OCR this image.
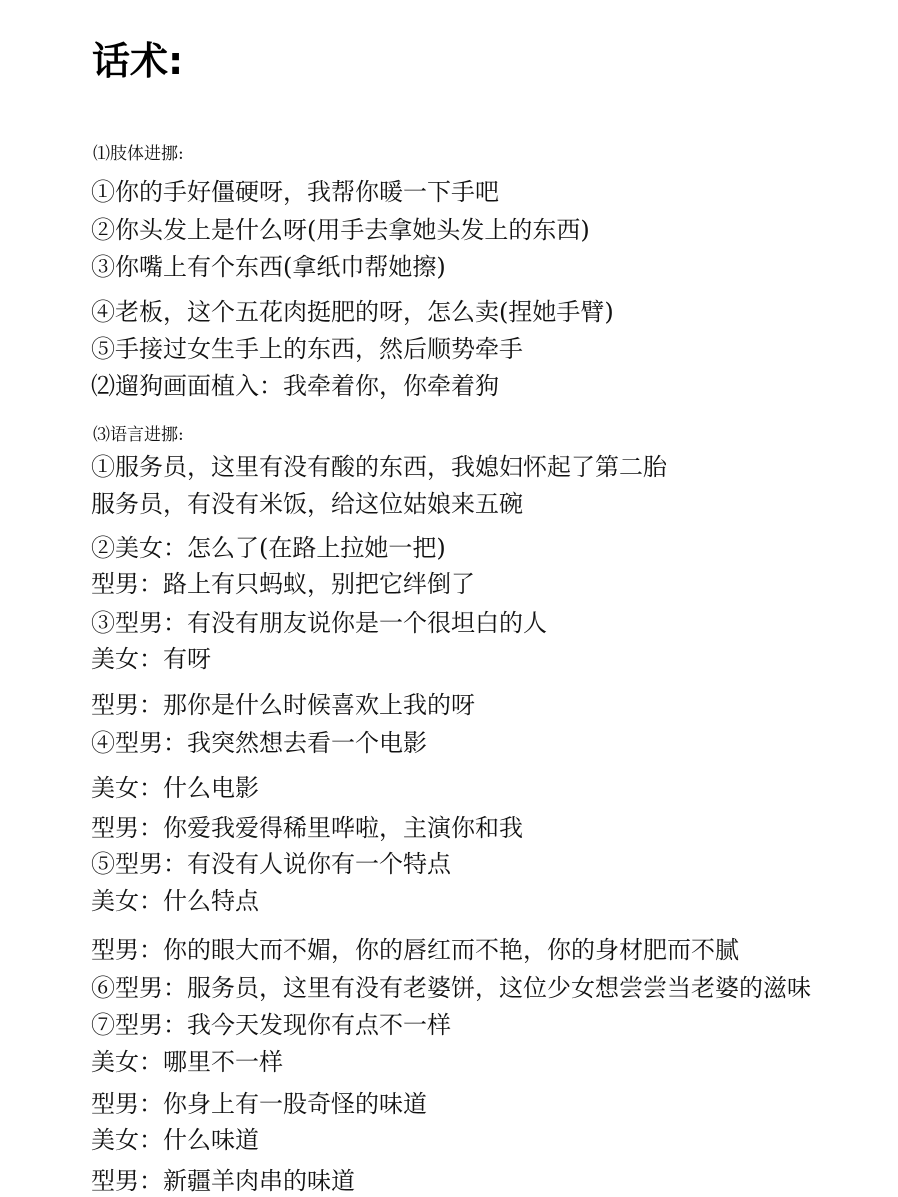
话术:
⑴肢体进挪:
①你的手好僵硬呀，我帮你暖一下手吧
②你头发上是什么呀(用手去拿她头发上的东西)
③你嘴上有个东西(拿纸巾帮她擦)
④老板，这个五花肉挺肥的呀，怎么卖(捏她手臂)
⑤手接过女生手上的东西，然后顺势牵手
⑵遛狗画面植入：我牵着你，你牵着狗
⑶语言进挪:
①服务员，这里有没有酸的东西，我媳妇怀起了第二胎
服务员，有没有米饭，给这位姑娘来五碗
②美女：怎么了(在路上拉她一把)
型男：路上有只蚂蚁，别把它绊倒了
③型男：有没有朋友说你是一个很坦白的人
美女：有呀
型男：那你是什么时候喜欢上我的呀
④型男：我突然想去看一个电影
美女：什么电影
型男：你爱我爱得稀里哗啦，主演你和我
⑤型男：有没有人说你有一个特点
美女：什么特点
型男：你的眼大而不媚，你的唇红而不艳，你的身材肥而不腻
⑥型男：服务员，这里有没有老婆饼，这位少女想尝尝当老婆的滋味
⑦型男：我今天发现你有点不一样
美女：哪里不一样
型男：你身上有一股奇怪的味道
美女：什么味道
型男：新疆羊肉串的味道
